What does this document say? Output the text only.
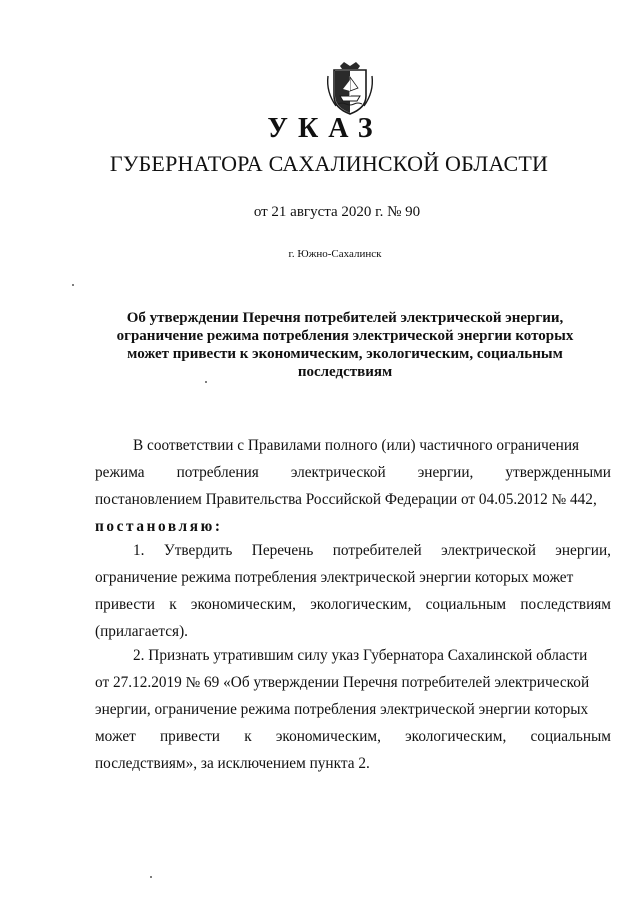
УКАЗ
ГУБЕРНАТОРА САХАЛИНСКОЙ ОБЛАСТИ
от 21 августа 2020 г. № 90
г. Южно-Сахалинск
Об утверждении Перечня потребителей электрической энергии,
ограничение режима потребления электрической энергии которых
может привести к экономическим, экологическим, социальным
последствиям
В соответствии с Правилами полного (или) частичного ограничения
режима потребления электрической энергии, утвержденными
постановлением Правительства Российской Федерации от 04.05.2012 № 442,
постановляю:
1. Утвердить Перечень потребителей электрической энергии,
ограничение режима потребления электрической энергии которых может
привести к экономическим, экологическим, социальным последствиям
(прилагается).
2. Признать утратившим силу указ Губернатора Сахалинской области
от 27.12.2019 № 69 «Об утверждении Перечня потребителей электрической
энергии, ограничение режима потребления электрической энергии которых
может привести к экономическим, экологическим, социальным
последствиям», за исключением пункта 2.
